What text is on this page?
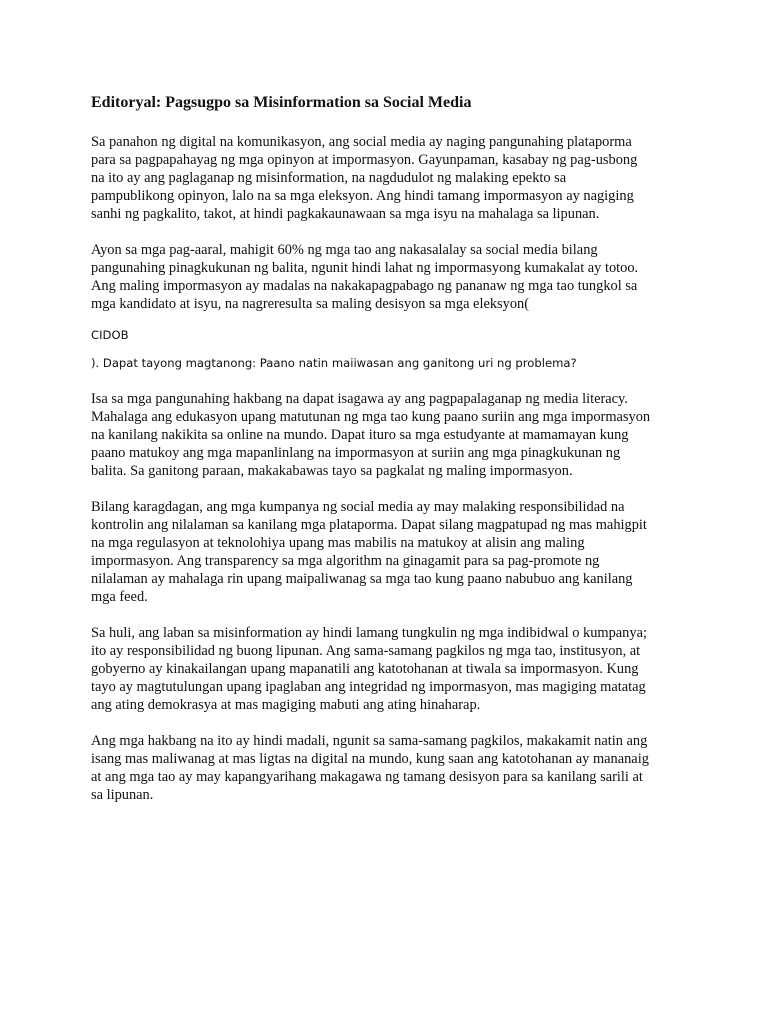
Editoryal: Pagsugpo sa Misinformation sa Social Media

Sa panahon ng digital na komunikasyon, ang social media ay naging pangunahing plataporma
para sa pagpapahayag ng mga opinyon at impormasyon. Gayunpaman, kasabay ng pag-usbong
na ito ay ang paglaganap ng misinformation, na nagdudulot ng malaking epekto sa
pampublikong opinyon, lalo na sa mga eleksyon. Ang hindi tamang impormasyon ay nagiging
sanhi ng pagkalito, takot, at hindi pagkakaunawaan sa mga isyu na mahalaga sa lipunan.

Ayon sa mga pag-aaral, mahigit 60% ng mga tao ang nakasalalay sa social media bilang
pangunahing pinagkukunan ng balita, ngunit hindi lahat ng impormasyong kumakalat ay totoo.
Ang maling impormasyon ay madalas na nakakapagpabago ng pananaw ng mga tao tungkol sa
mga kandidato at isyu, na nagreresulta sa maling desisyon sa mga eleksyon(

CIDOB

). Dapat tayong magtanong: Paano natin maiiwasan ang ganitong uri ng problema?

Isa sa mga pangunahing hakbang na dapat isagawa ay ang pagpapalaganap ng media literacy.
Mahalaga ang edukasyon upang matutunan ng mga tao kung paano suriin ang mga impormasyon
na kanilang nakikita sa online na mundo. Dapat ituro sa mga estudyante at mamamayan kung
paano matukoy ang mga mapanlinlang na impormasyon at suriin ang mga pinagkukunan ng
balita. Sa ganitong paraan, makakabawas tayo sa pagkalat ng maling impormasyon.

Bilang karagdagan, ang mga kumpanya ng social media ay may malaking responsibilidad na
kontrolin ang nilalaman sa kanilang mga plataporma. Dapat silang magpatupad ng mas mahigpit
na mga regulasyon at teknolohiya upang mas mabilis na matukoy at alisin ang maling
impormasyon. Ang transparency sa mga algorithm na ginagamit para sa pag-promote ng
nilalaman ay mahalaga rin upang maipaliwanag sa mga tao kung paano nabubuo ang kanilang
mga feed.

Sa huli, ang laban sa misinformation ay hindi lamang tungkulin ng mga indibidwal o kumpanya;
ito ay responsibilidad ng buong lipunan. Ang sama-samang pagkilos ng mga tao, institusyon, at
gobyerno ay kinakailangan upang mapanatili ang katotohanan at tiwala sa impormasyon. Kung
tayo ay magtutulungan upang ipaglaban ang integridad ng impormasyon, mas magiging matatag
ang ating demokrasya at mas magiging mabuti ang ating hinaharap.

Ang mga hakbang na ito ay hindi madali, ngunit sa sama-samang pagkilos, makakamit natin ang
isang mas maliwanag at mas ligtas na digital na mundo, kung saan ang katotohanan ay mananaig
at ang mga tao ay may kapangyarihang makagawa ng tamang desisyon para sa kanilang sarili at
sa lipunan.
